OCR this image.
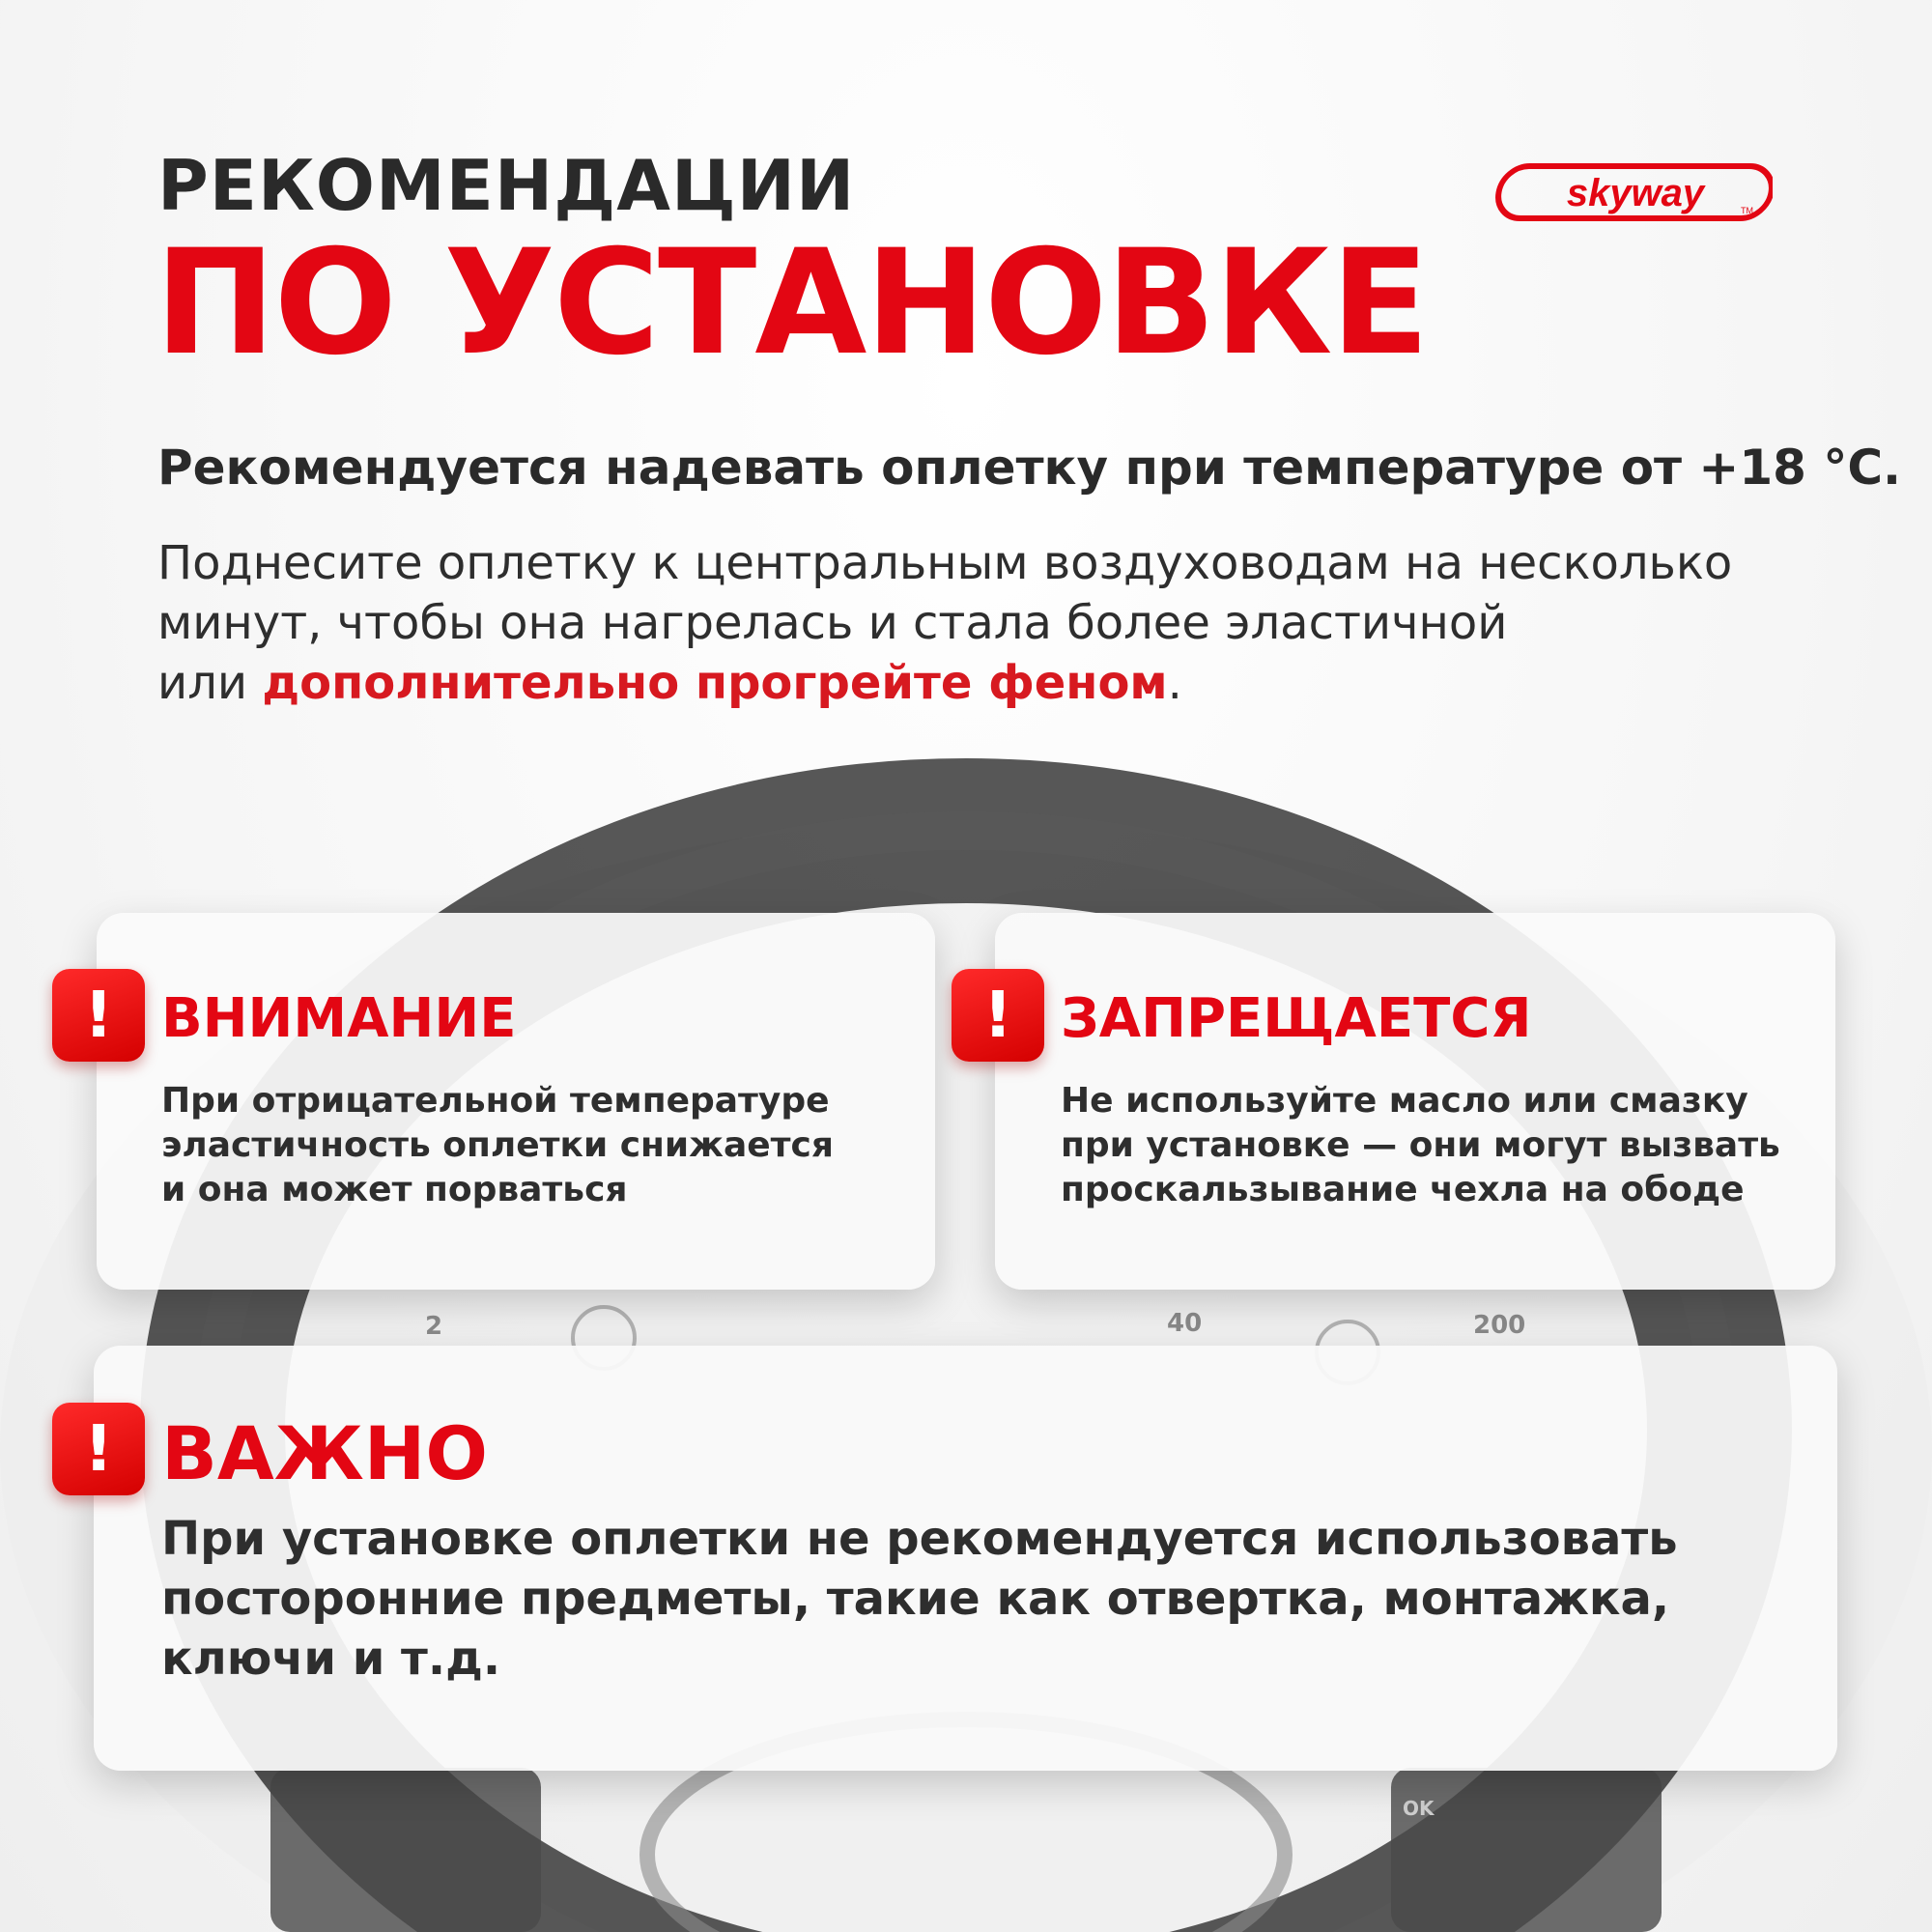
2	40	200
OK
РЕКОМЕНДАЦИИ
ПО УСТАНОВКЕ
skyway	TM
Рекомендуется надевать оплетку при температуре от +18 °C.
Поднесите оплетку к центральным воздуховодам на несколько
минут, чтобы она нагрелась и стала более эластичной
или дополнительно прогрейте феном.
! ВНИМАНИЕ
При отрицательной температуре
эластичность оплетки снижается
и она может порваться
! ЗАПРЕЩАЕТСЯ
Не используйте масло или смазку
при установке — они могут вызвать
проскальзывание чехла на ободе
! ВАЖНО
При установке оплетки не рекомендуется использовать
посторонние предметы, такие как отвертка, монтажка,
ключи и т.д.
